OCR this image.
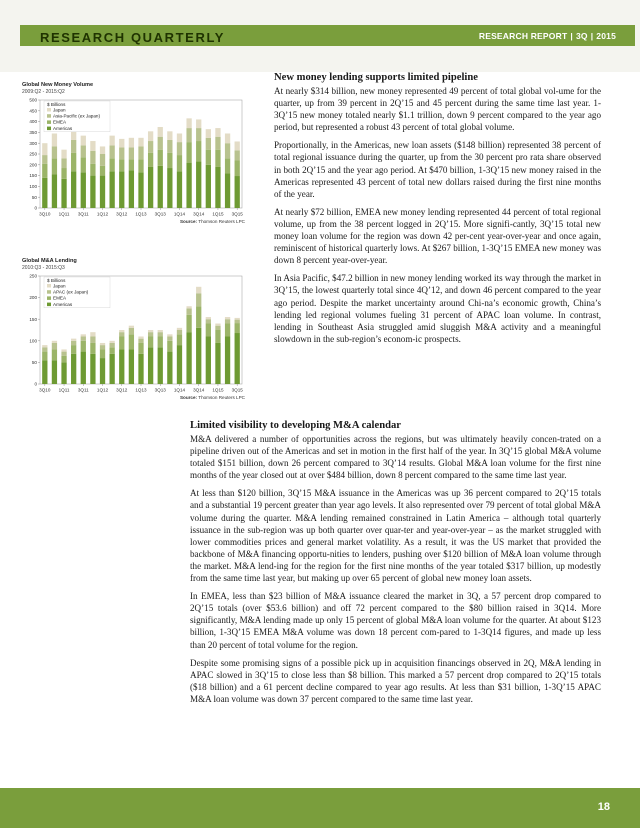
RESEARCH QUARTERLY	RESEARCH REPORT | 3Q | 2015
Global New Money Volume
2009:Q2 - 2015:Q2
0
50
100
150
200
250
300
350
400
450
500
3Q10 1Q11 3Q11 1Q12 3Q12 1Q13 3Q13 1Q14 3Q14 1Q15 3Q15
$ Billions
Japan
Asia-Pacific (ex Japan)
EMEA
Americas
Source: Thomson Reuters LPC
Global M&A Lending
2010:Q3 - 2015:Q3
0
50
100
150
200
250
3Q10 1Q11 3Q11 1Q12 3Q12 1Q13 3Q13 1Q14 3Q14 1Q15 3Q15
$ Billions
Japan
APAC (ex Japan)
EMEA
Americas
Source: Thomson Reuters LPC
New money lending supports limited pipeline

At nearly $314 billion, new money represented 49 percent of total global vol-ume for the quarter, up from 39 percent in 2Q’15 and 45 percent during the same time last year. 1-3Q’15 new money totaled nearly $1.1 trillion, down 9 percent compared to the year ago period, but represented a robust 43 percent of total global volume.

Proportionally, in the Americas, new loan assets ($148 billion) represented 38 percent of total regional issuance during the quarter, up from the 30 percent pro rata share observed in both 2Q’15 and the year ago period. At $470 billion, 1-3Q’15 new money raised in the Americas represented 43 percent of total new dollars raised during the first nine months of the year.

At nearly $72 billion, EMEA new money lending represented 44 percent of total regional volume, up from the 38 percent logged in 2Q’15. More signifi-cantly, 3Q’15 total new money loan volume for the region was down 42 per-cent year-over-year and once again, reminiscent of historical quarterly lows. At $267 billion, 1-3Q’15 EMEA new money was down 8 percent year-over-year.

In Asia Pacific, $47.2 billion in new money lending worked its way through the market in 3Q’15, the lowest quarterly total since 4Q’12, and down 46 percent compared to the year ago period. Despite the market uncertainty around Chi-na’s economic growth, China’s lending led regional volumes fueling 31 percent of APAC loan volume. In contrast, lending in Southeast Asia struggled amid sluggish M&A activity and a meaningful slowdown in the sub-region’s econom-ic prospects.

Limited visibility to developing M&A calendar

M&A delivered a number of opportunities across the regions, but was ultimately heavily concen-trated on a pipeline driven out of the Americas and set in motion in the first half of the year. In 3Q’15 global M&A volume totaled $151 billion, down 26 percent compared to 3Q’14 results. Global M&A loan volume for the first nine months of the year closed out at over $484 billion, down 8 percent compared to the same time last year.

At less than $120 billion, 3Q’15 M&A issuance in the Americas was up 36 percent compared to 2Q’15 totals and a substantial 19 percent greater than year ago levels. It also represented over 79 percent of total global M&A volume during the quarter. M&A lending remained constrained in Latin America – although total quarterly issuance in the sub-region was up both quarter over quar-ter and year-over-year – as the market struggled with lower commodities prices and general market volatility. As a result, it was the US market that provided the backbone of M&A financing opportu-nities to lenders, pushing over $120 billion of M&A loan volume through the market. M&A lend-ing for the region for the first nine months of the year totaled $317 billion, up modestly from the same time last year, but making up over 65 percent of global new money loan assets.

In EMEA, less than $23 billion of M&A issuance cleared the market in 3Q, a 57 percent drop compared to 2Q’15 totals (over $53.6 billion) and off 72 percent compared to the $80 billion raised in 3Q14. More significantly, M&A lending made up only 15 percent of global M&A loan volume for the quarter. At about $123 billion, 1-3Q’15 EMEA M&A volume was down 18 percent com-pared to 1-3Q14 figures, and made up less than 20 percent of total volume for the region.

Despite some promising signs of a possible pick up in acquisition financings observed in 2Q, M&A lending in APAC slowed in 3Q’15 to close less than $8 billion. This marked a 57 percent drop compared to 2Q’15 totals ($18 billion) and a 61 percent decline compared to year ago results. At less than $31 billion, 1-3Q’15 APAC M&A loan volume was down 37 percent compared to the same time last year.

18
